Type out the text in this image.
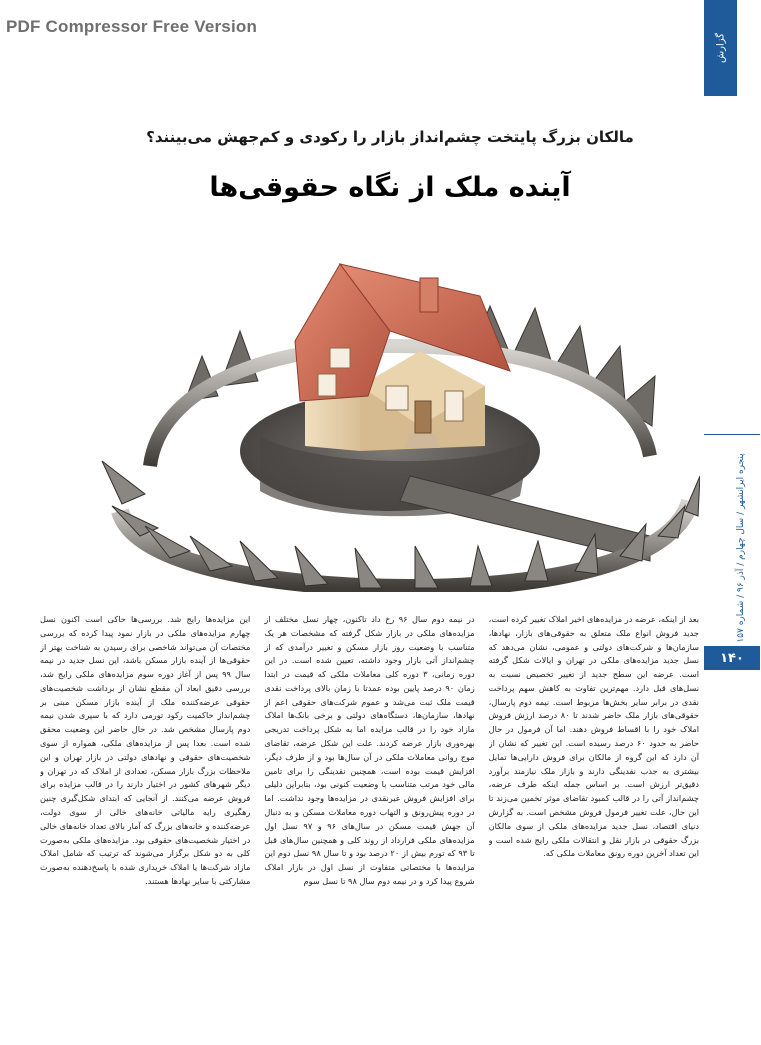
PDF Compressor Free Version
گزارش
پنجره ایرانشهر / سال چهارم / آذر ۹۶ / شماره ۱۵۷
۱۴۰
مالکان بزرگ پایتخت چشم‌انداز بازار را رکودی و کم‌جهش می‌بینند؟
آینده ملک از نگاه حقوقی‌ها
بعد از اینکه، عرضه در مزایده‌های اخیر املاک تغییر کرده است، جدید فروش انواع ملک متعلق به حقوقی‌های بازار، نهادها، سازمان‌ها و شرکت‌های دولتی و عمومی، نشان می‌دهد که نسل جدید مزایده‌های ملکی در تهران و ایالات شکل گرفته است. عرضه این سطح جدید از تغییر تخصیص نسبت به نسل‌های قبل دارد. مهم‌ترین تفاوت به کاهش سهم پرداخت نقدی در برابر سایر بخش‌ها مربوط است. نیمه دوم پارسال، حقوقی‌های بازار ملک حاضر شدند تا ۸۰ درصد ارزش فروش املاک خود را با اقساط فروش دهند. اما آن فرمول در حال حاضر به حدود ۶۰ درصد رسیده است. این تغییر که نشان از آن دارد که این گروه از مالکان برای فروش دارایی‌ها تمایل بیشتری به جذب نقدینگی دارند و بازار ملک نیازمند برآورد دقیق‌تر ارزش است. بر اساس جمله اینکه طرف عرضه، چشم‌انداز آتی را در قالب کمبود تقاضای موثر تخمین می‌زند تا این حال، علت تغییر فرمول فروش مشخص است. به گزارش دنیای اقتصاد، نسل جدید مزایده‌های ملکی از سوی مالکان بزرگ حقوقی در بازار نقل و انتقالات ملکی رایج شده است و این تعداد آخرین دوره رونق معاملات ملکی که.
در نیمه دوم سال ۹۶ رخ داد تاکنون، چهار نسل مختلف از مزایده‌های ملکی در بازار شکل گرفته که مشخصات هر یک متناسب با وضعیت روز بازار مسکن و تغییر درآمدی که از چشم‌انداز آتی بازار وجود داشته، تعیین شده است. در این دوره زمانی، ۳ دوره کلی معاملات ملکی که قیمت در ابتدا زمان ۹۰ درصد پایین بوده عمدتا با زمان بالای پرداخت نقدی قیمت ملک ثبت می‌شد و عموم شرکت‌های حقوقی اعم از نهادها، سازمان‌ها، دستگاه‌های دولتی و برخی بانک‌ها املاک مازاد خود را در قالب مزایده اما به شکل پرداخت تدریجی بهره‌وری بازار عرضه کردند. علت این شکل عرضه، تقاضای موج روانی معاملات ملکی در آن سال‌ها بود و از طرف دیگر، افزایش قیمت بوده است، همچنین نقدینگی را برای تامین مالی خود مرتب متناسب با وضعیت کنونی بود، بنابراین دلیلی برای افزایش فروش غیرنقدی در مزایده‌ها وجود نداشت. اما در دوره پیش‌رونق و التهاب دوره معاملات مسکن و به دنبال آن جهش قیمت مسکن در سال‌های ۹۶ و ۹۷ نسل اول مزایده‌های ملکی فرارداد از روند کلی و همچنین سال‌های قبل تا ۹۳ که تورم بیش از ۲۰ درصد بود و تا سال ۹۸ نسل دوم این مزایده‌ها با مختصاتی متفاوت از نسل اول در بازار املاک شروع پیدا کرد و در نیمه دوم سال ۹۸ تا نسل سوم
این مزایده‌ها رایج شد. بررسی‌ها حاکی است اکنون نسل چهارم مزایده‌های ملکی در بازار نمود پیدا کرده که بررسی مختصات آن می‌تواند شاخصی برای رسیدن به شناخت بهتر از حقوقی‌ها از آینده بازار مسکن باشد، این نسل جدید در نیمه سال ۹۹ پس از آغاز دوره سوم مزایده‌های ملکی رایج شد، بررسی دقیق ابعاد آن مقطع نشان از برداشت شخصیت‌های حقوقی عرضه‌کننده ملک از آینده بازار مسکن مبنی بر چشم‌انداز حاکمیت رکود تورمی دارد که با سپری شدن نیمه دوم پارسال مشخص شد. در حال حاضر این وضعیت محقق شده است. بعدا پس از مزایده‌های ملکی، همواره از سوی شخصیت‌های حقوقی و نهادهای دولتی در بازار تهران و این ملاحظات بزرگ بازار مسکن، تعدادی از املاک که در تهران و دیگر شهرهای کشور در اختیار دارند را در قالب مزایده برای فروش عرضه می‌کنند. از آنجایی که ابتدای شکل‌گیری چنین رهگیری رایه مالیاتی خانه‌های خالی از سوی دولت، عرضه‌کننده و خانه‌های بزرگ که آمار بالای تعداد خانه‌های خالی در اختیار شخصیت‌های حقوقی بود. مزایده‌های ملکی به‌صورت کلی به دو شکل برگزار می‌شوند که ترتیب که شامل املاک مازاد شرکت‌ها یا املاک خریداری شده با پاسخ‌دهنده به‌صورت مشارکتی با سایر نهادها هستند.
